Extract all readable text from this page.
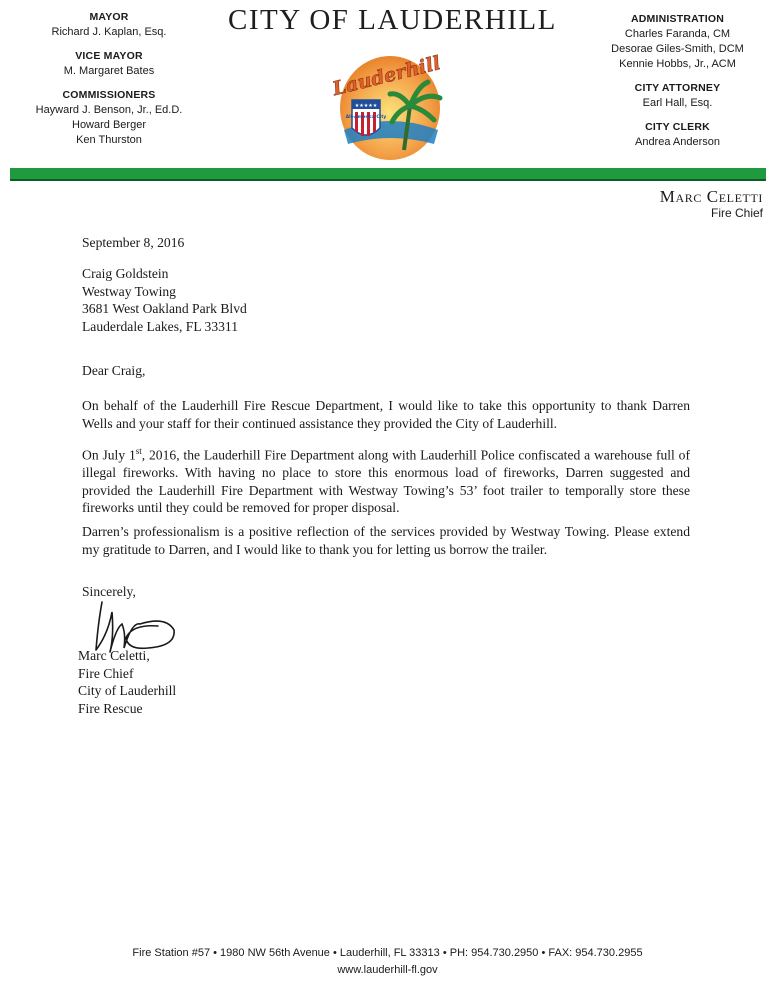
MAYOR
Richard J. Kaplan, Esq.
VICE MAYOR
M. Margaret Bates
COMMISSIONERS
Hayward J. Benson, Jr., Ed.D.
Howard Berger
Ken Thurston
CITY OF LAUDERHILL
★★★★★
All-America City
Lauderhill
ADMINISTRATION
Charles Faranda, CM
Desorae Giles-Smith, DCM
Kennie Hobbs, Jr., ACM
CITY ATTORNEY
Earl Hall, Esq.
CITY CLERK
Andrea Anderson
Marc Celetti
Fire Chief
September 8, 2016
Craig Goldstein
Westway Towing
3681 West Oakland Park Blvd
Lauderdale Lakes, FL 33311
Dear Craig,
On behalf of the Lauderhill Fire Rescue Department, I would like to take this opportunity to thank Darren Wells and your staff for their continued assistance they provided the City of Lauderhill.
On July 1st, 2016, the Lauderhill Fire Department along with Lauderhill Police confiscated a warehouse full of illegal fireworks. With having no place to store this enormous load of fireworks, Darren suggested and provided the Lauderhill Fire Department with Westway Towing’s 53’ foot trailer to temporally store these fireworks until they could be removed for proper disposal.
Darren’s professionalism is a positive reflection of the services provided by Westway Towing. Please extend my gratitude to Darren, and I would like to thank you for letting us borrow the trailer.
Sincerely,
Marc Celetti,
Fire Chief
City of Lauderhill
Fire Rescue
Fire Station #57 • 1980 NW 56th Avenue • Lauderhill, FL 33313 • PH: 954.730.2950 • FAX: 954.730.2955
www.lauderhill-fl.gov
